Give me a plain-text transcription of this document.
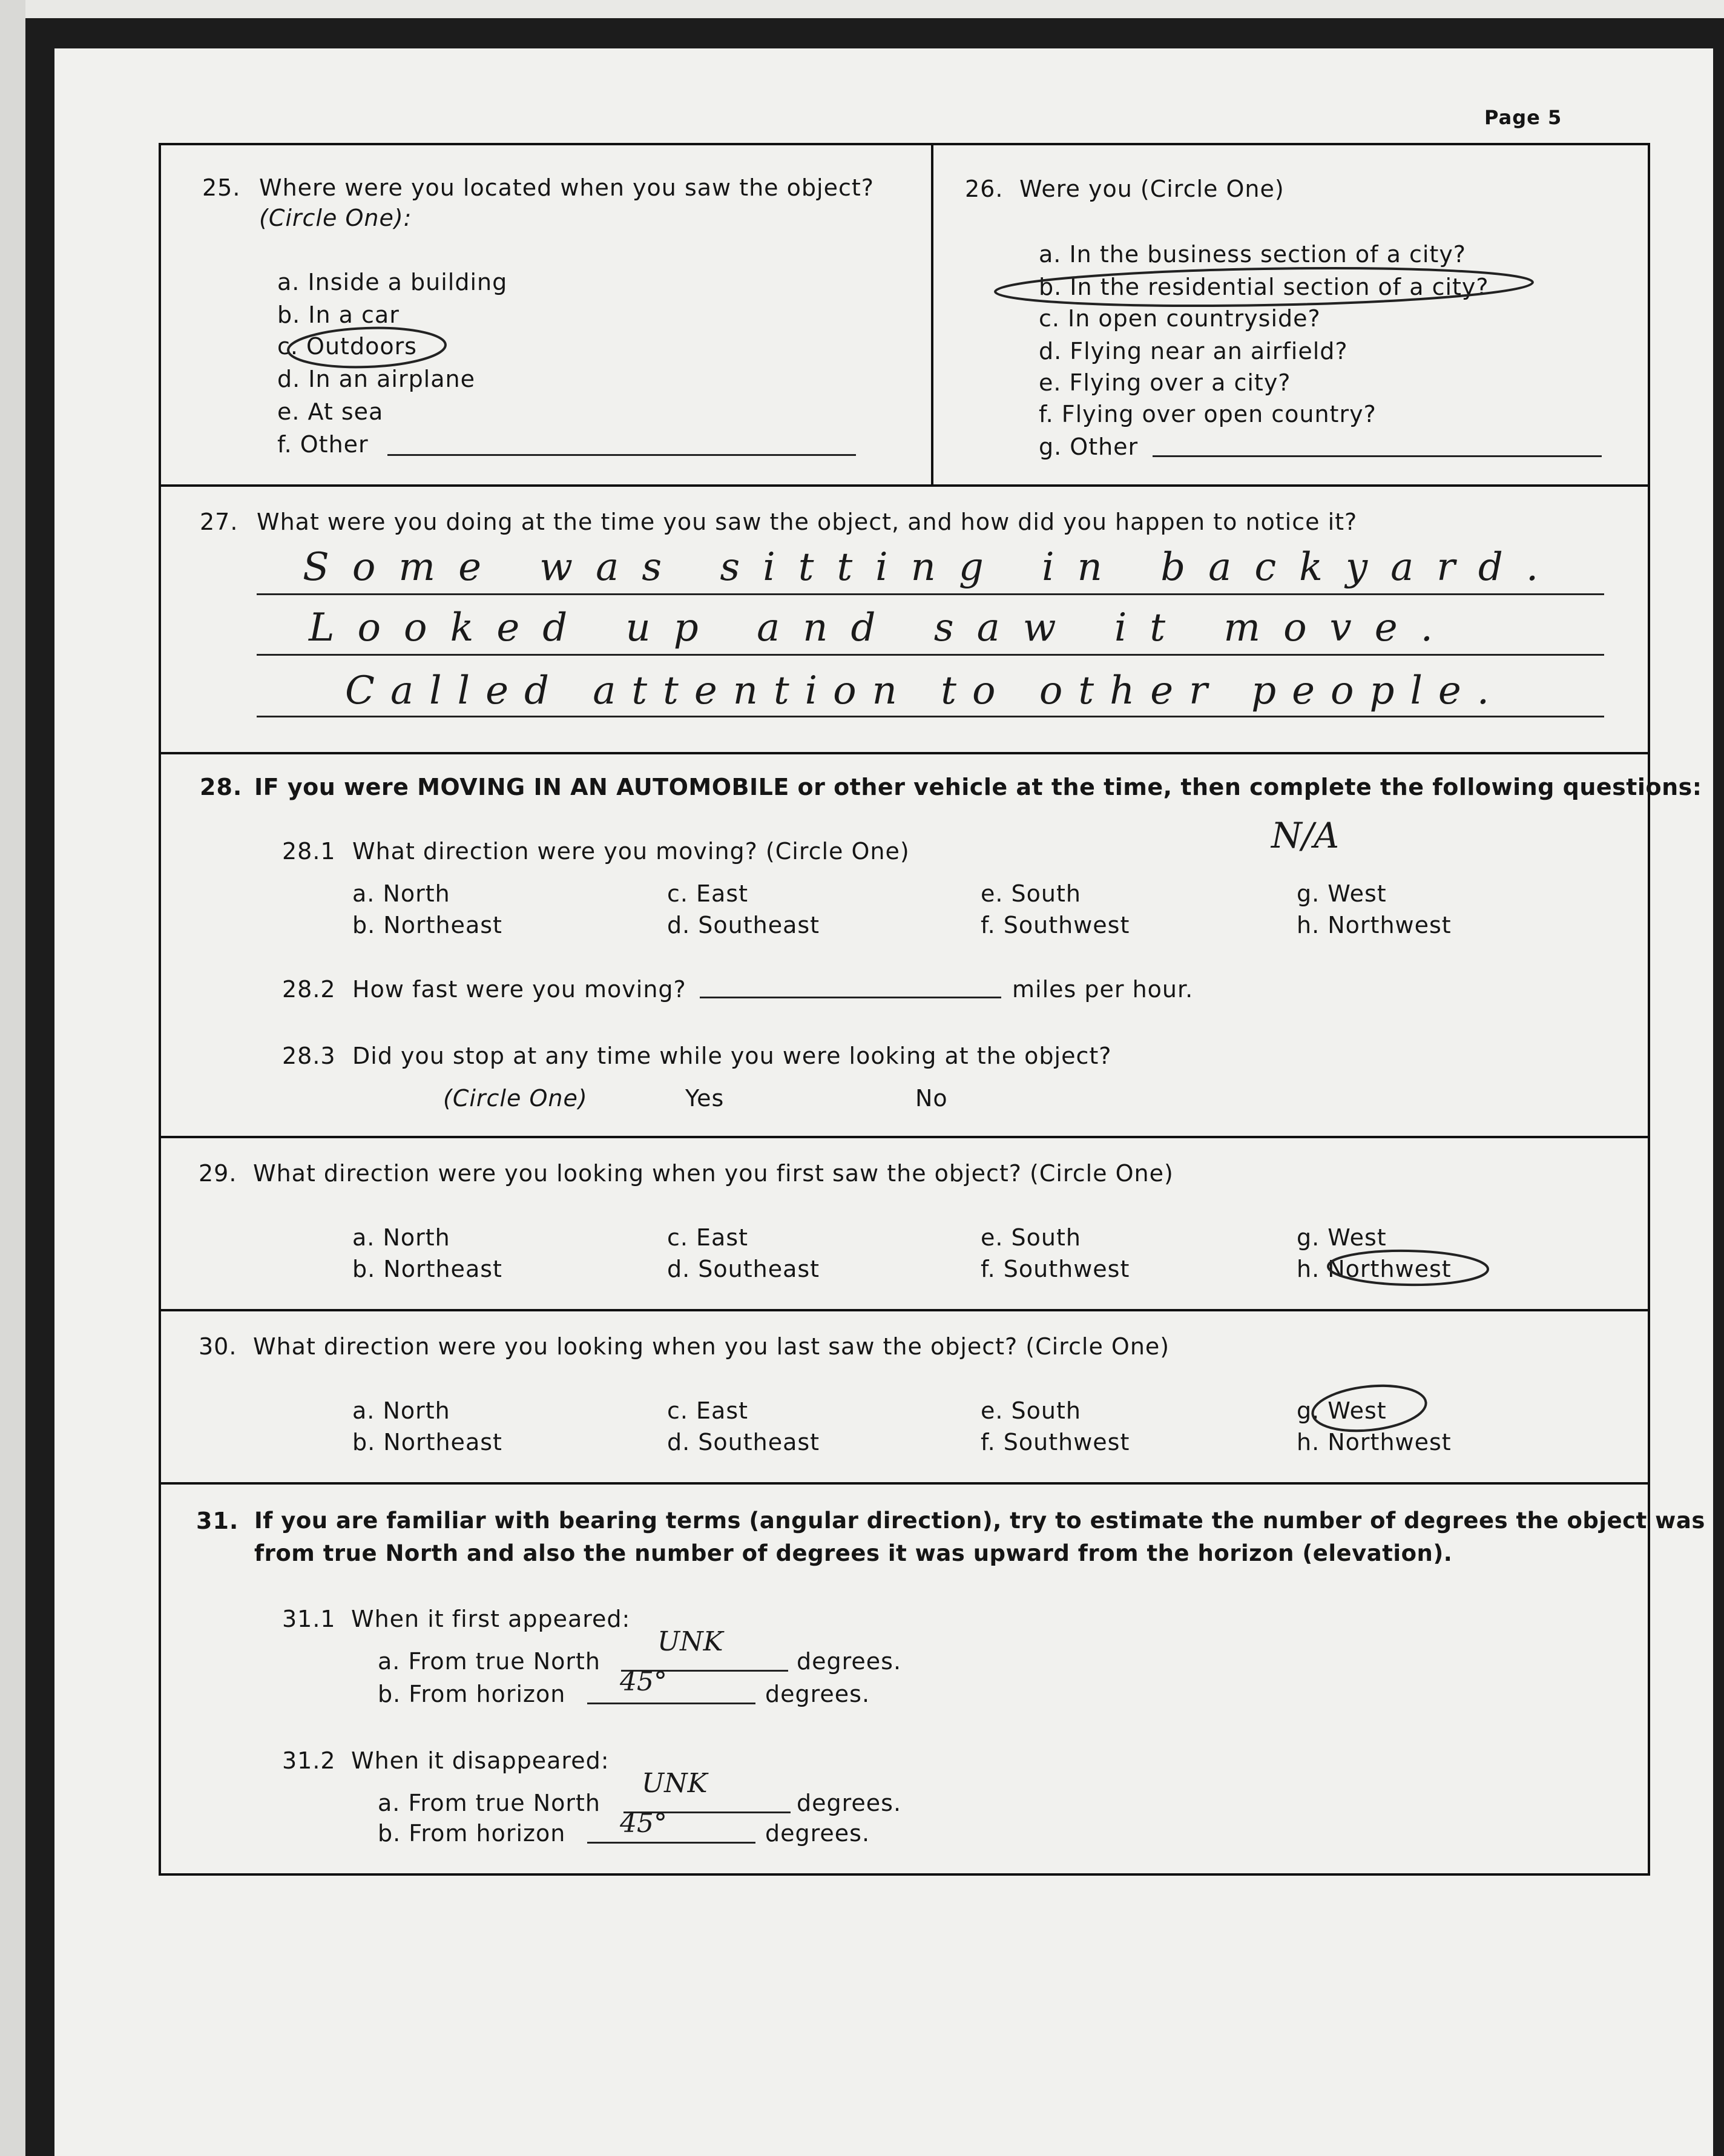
Page 5
25. Where were you located when you saw the object?
(Circle One):
a. Inside a building
b. In a car
c. Outdoors
d. In an airplane
e. At sea
f. Other
26. Were you (Circle One)
a. In the business section of a city?
b. In the residential section of a city?
c. In open countryside?
d. Flying near an airfield?
e. Flying over a city?
f. Flying over open country?
g. Other
27. What were you doing at the time you saw the object, and how did you happen to notice it?
Some was sitting in backyard.
Looked up and saw it move.
Called attention to other people.
28. IF you were MOVING IN AN AUTOMOBILE or other vehicle at the time, then complete the following questions:
28.1 What direction were you moving? (Circle One)	N/A
a. North
b. Northeast
c. East
d. Southeast
e. South
f. Southwest
g. West
h. Northwest
28.2 How fast were you moving?	miles per hour.
28.3 Did you stop at any time while you were looking at the object?
(Circle One)	Yes	No
29. What direction were you looking when you first saw the object? (Circle One)
a. North
b. Northeast
c. East
d. Southeast
e. South
f. Southwest
g. West
h. Northwest
30. What direction were you looking when you last saw the object? (Circle One)
a. North
b. Northeast
c. East
d. Southeast
e. South
f. Southwest
g. West
h. Northwest
31. If you are familiar with bearing terms (angular direction), try to estimate the number of degrees the object was
from true North and also the number of degrees it was upward from the horizon (elevation).
31.1 When it first appeared:
a. From true North
UNK
degrees.
b. From horizon 45°	degrees.
31.2 When it disappeared:
a. From true North
UNK
degrees.
b. From horizon 45°	degrees.
